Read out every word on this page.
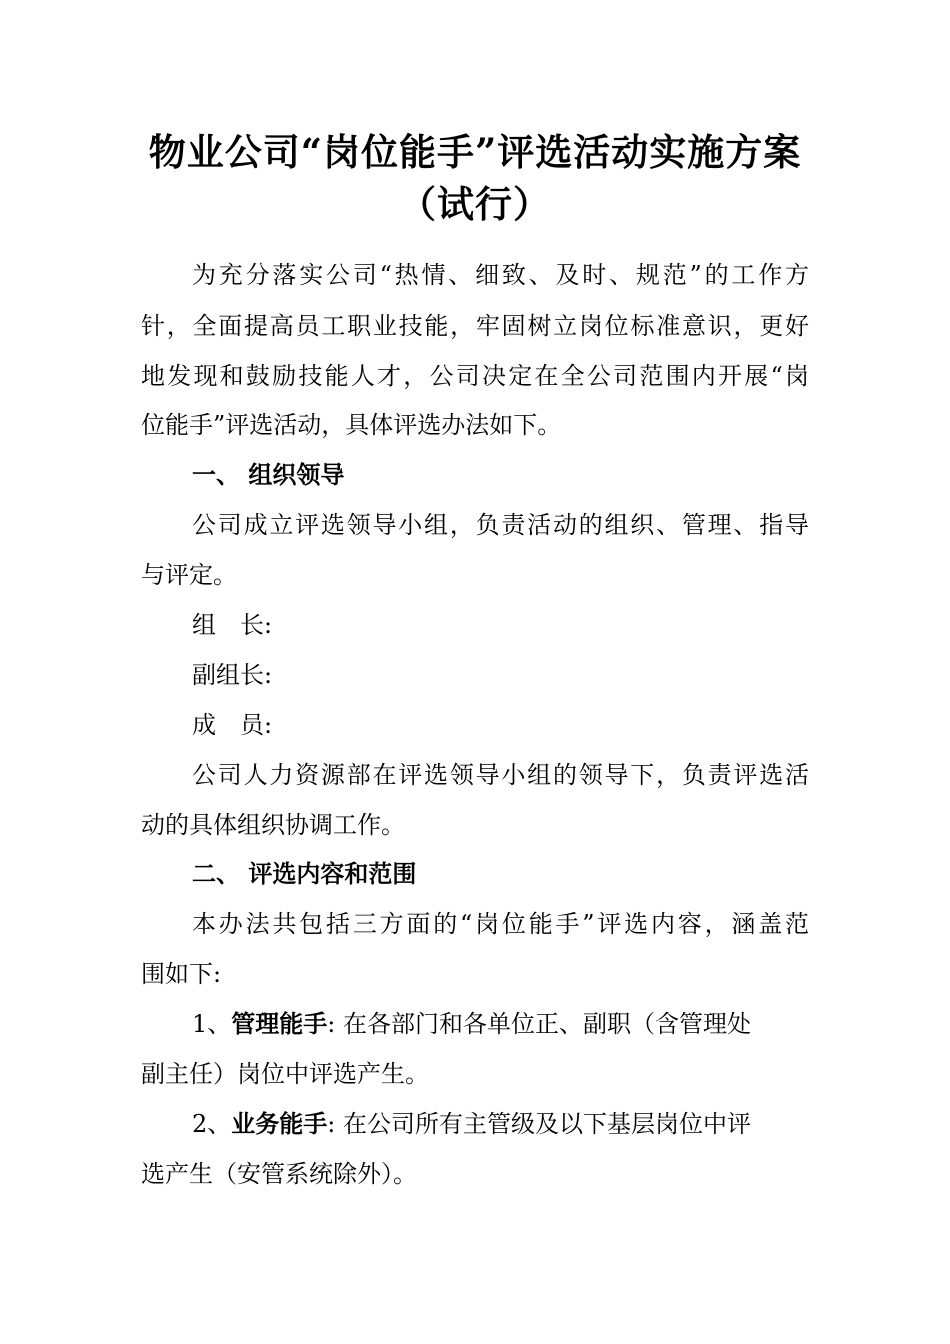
物业公司“岗位能手”评选活动实施方案
（试行）
为充分落实公司“热情、细致、及时、规范”的工作方
针，全面提高员工职业技能，牢固树立岗位标准意识，更好
地发现和鼓励技能人才，公司决定在全公司范围内开展“岗
位能手”评选活动，具体评选办法如下。
一、 组织领导
公司成立评选领导小组，负责活动的组织、管理、指导
与评定。
组　长:
副组长:
成　员:
公司人力资源部在评选领导小组的领导下，负责评选活
动的具体组织协调工作。
二、 评选内容和范围
本办法共包括三方面的“岗位能手”评选内容，涵盖范
围如下:
1、管理能手: 在各部门和各单位正、副职（含管理处
副主任）岗位中评选产生。
2、业务能手: 在公司所有主管级及以下基层岗位中评
选产生（安管系统除外）。
